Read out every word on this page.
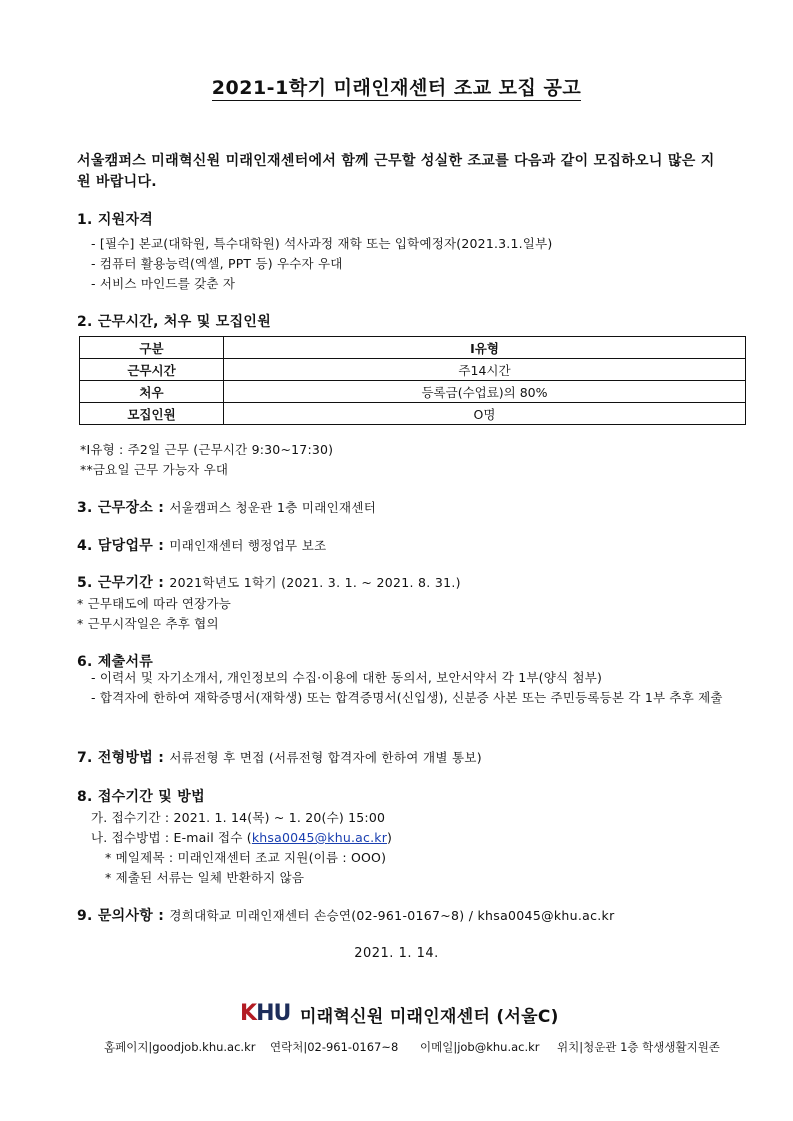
2021-1학기 미래인재센터 조교 모집 공고
서울캠퍼스 미래혁신원 미래인재센터에서 함께 근무할 성실한 조교를 다음과 같이 모집하오니 많은 지원 바랍니다.
1. 지원자격
- [필수] 본교(대학원, 특수대학원) 석사과정 재학 또는 입학예정자(2021.3.1.일부)
- 컴퓨터 활용능력(엑셀, PPT 등) 우수자 우대
- 서비스 마인드를 갖춘 자
2. 근무시간, 처우 및 모집인원
구분	I유형
근무시간	주14시간
처우	등록금(수업료)의 80%
모집인원	O명
*I유형 : 주2일 근무 (근무시간 9:30~17:30)
**금요일 근무 가능자 우대
3. 근무장소 : 서울캠퍼스 청운관 1층 미래인재센터
4. 담당업무 : 미래인재센터 행정업무 보조
5. 근무기간 : 2021학년도 1학기 (2021. 3. 1. ~ 2021. 8. 31.)
* 근무태도에 따라 연장가능
* 근무시작일은 추후 협의
6. 제출서류
- 이력서 및 자기소개서, 개인정보의 수집·이용에 대한 동의서, 보안서약서 각 1부(양식 첨부)
- 합격자에 한하여 재학증명서(재학생) 또는 합격증명서(신입생), 신분증 사본 또는 주민등록등본 각 1부 추후 제출
7. 전형방법 : 서류전형 후 면접 (서류전형 합격자에 한하여 개별 통보)
8. 접수기간 및 방법
가. 접수기간 : 2021. 1. 14(목) ~ 1. 20(수) 15:00
나. 접수방법 : E-mail 접수 (khsa0045@khu.ac.kr)
* 메일제목 : 미래인재센터 조교 지원(이름 : OOO)
* 제출된 서류는 일체 반환하지 않음
9. 문의사항 : 경희대학교 미래인재센터 손승연(02-961-0167~8) / khsa0045@khu.ac.kr
2021. 1. 14.
KHU 미래혁신원 미래인재센터 (서울C)
홈페이지|goodjob.khu.ac.kr 연락처|02-961-0167~8 이메일|job@khu.ac.kr 위치|청운관 1층 학생생활지원존
